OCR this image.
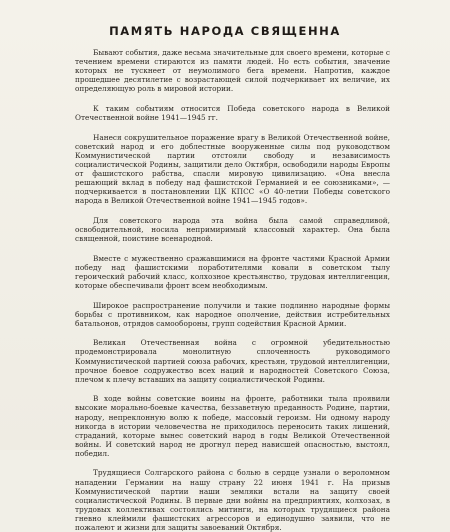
ПАМЯТЬ НАРОДА СВЯЩЕННА

Бывают события, даже весьма значительные для своего времени, которые с течением времени стираются из памяти людей. Но есть события, значение которых не тускнеет от неумолимого бега времени. Напротив, каждое прошедшее десятилетие с возрастающей силой подчеркивает их величие, их определяющую роль в мировой истории.

К таким событиям относится Победа советского народа в Великой Отечественной войне 1941—1945 гг.

Нанеся сокрушительное поражение врагу в Великой Отечественной войне, советский народ и его доблестные вооруженные силы под руководством Коммунистической партии отстояли свободу и независимость социалистической Родины, защитили дело Октября, освободили народы Европы от фашистского рабства, спасли мировую цивилизацию. «Она внесла решающий вклад в победу над фашистской Германией и ее союзниками», — подчеркивается в постановлении ЦК КПСС «О 40-летии Победы советского народа в Великой Отечественной войне 1941—1945 годов».

Для советского народа эта война была самой справедливой, освободительной, носила непримиримый классовый характер. Она была священной, поистине всенародной.

Вместе с мужественно сражавшимися на фронте частями Красной Армии победу над фашистскими поработителями ковали в советском тылу героический рабочий класс, колхозное крестьянство, трудовая интеллигенция, которые обеспечивали фронт всем необходимым.

Широкое распространение получили и такие подлинно народные формы борьбы с противником, как народное ополчение, действия истребительных батальонов, отрядов самообороны, групп содействия Красной Армии.

Великая Отечественная война с огромной убедительностью продемонстрировала монолитную сплоченность руководимого Коммунистической партией союза рабочих, крестьян, трудовой интеллигенции, прочное боевое содружество всех наций и народностей Советского Союза, плечом к плечу вставших на защиту социалистической Родины.

В ходе войны советские воины на фронте, работники тыла проявили высокие морально-боевые качества, беззаветную преданность Родине, партии, народу, непреклонную волю к победе, массовый героизм. Ни одному народу никогда в истории человечества не приходилось переносить таких лишений, страданий, которые вынес советский народ в годы Великой Отечественной войны. И советский народ не дрогнул перед нависшей опасностью, выстоял, победил.

Трудящиеся Солгарского района с болью в сердце узнали о вероломном нападении Германии на нашу страну 22 июня 1941 г. На призыв Коммунистической партии наши земляки встали на защиту своей социалистической Родины. В первые дни войны на предприятиях, колхозах, в трудовых коллективах состоялись митинги, на которых трудящиеся района гневно клеймили фашистских агрессоров и единодушно заявили, что не пожалеют и жизни для защиты завоеваний Октября.
